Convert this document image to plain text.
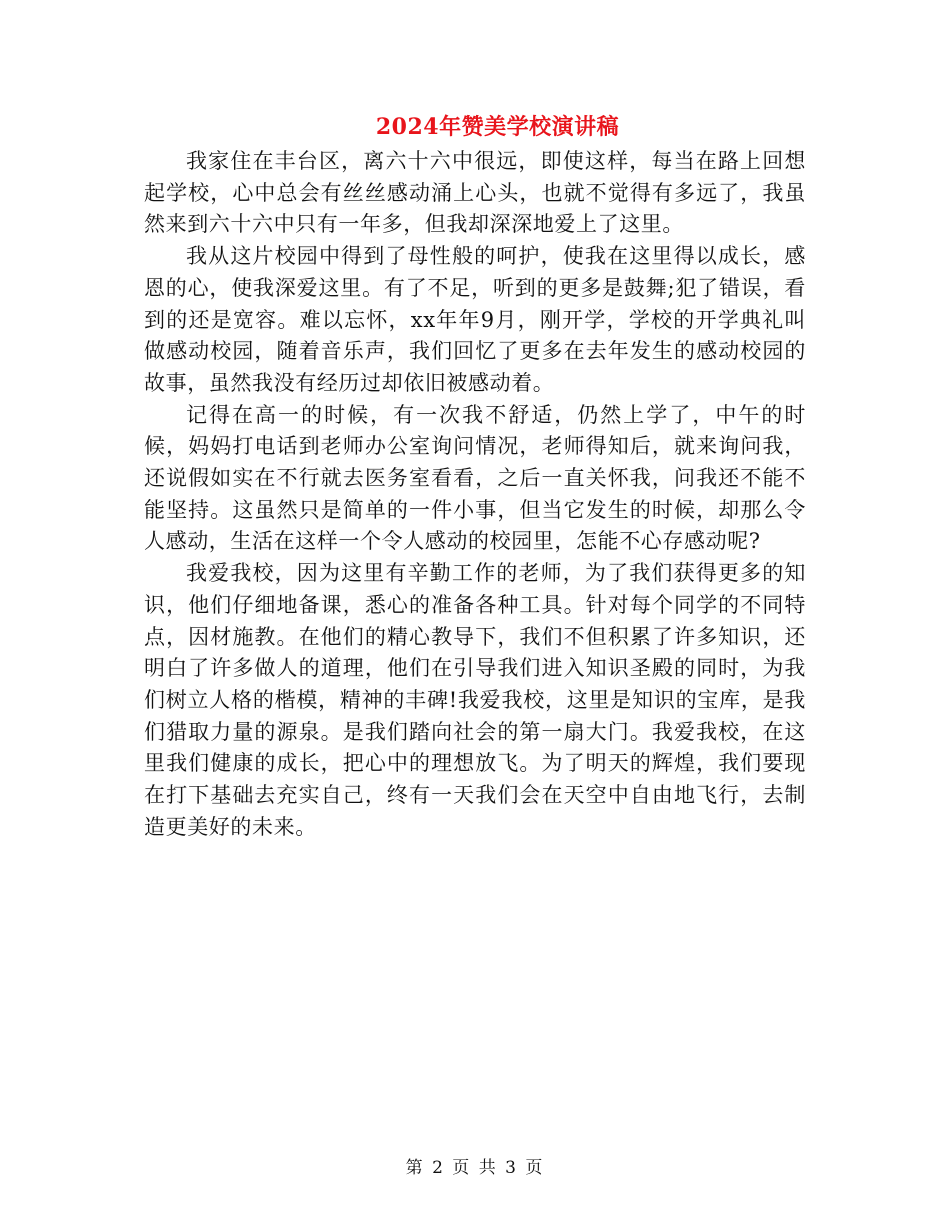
2024年赞美学校演讲稿

我家住在丰台区，离六十六中很远，即使这样，每当在路上回想起学校，心中总会有丝丝感动涌上心头，也就不觉得有多远了，我虽然来到六十六中只有一年多，但我却深深地爱上了这里。

我从这片校园中得到了母性般的呵护，使我在这里得以成长，感恩的心，使我深爱这里。有了不足，听到的更多是鼓舞;犯了错误，看到的还是宽容。难以忘怀，xx年年9月，刚开学，学校的开学典礼叫做感动校园，随着音乐声，我们回忆了更多在去年发生的感动校园的故事，虽然我没有经历过却依旧被感动着。

记得在高一的时候，有一次我不舒适，仍然上学了，中午的时候，妈妈打电话到老师办公室询问情况，老师得知后，就来询问我，还说假如实在不行就去医务室看看，之后一直关怀我，问我还不能不能坚持。这虽然只是简单的一件小事，但当它发生的时候，却那么令人感动，生活在这样一个令人感动的校园里，怎能不心存感动呢?

我爱我校，因为这里有辛勤工作的老师，为了我们获得更多的知识，他们仔细地备课，悉心的准备各种工具。针对每个同学的不同特点，因材施教。在他们的精心教导下，我们不但积累了许多知识，还明白了许多做人的道理，他们在引导我们进入知识圣殿的同时，为我们树立人格的楷模，精神的丰碑!我爱我校，这里是知识的宝库，是我们猎取力量的源泉。是我们踏向社会的第一扇大门。我爱我校，在这里我们健康的成长，把心中的理想放飞。为了明天的辉煌，我们要现在打下基础去充实自己，终有一天我们会在天空中自由地飞行，去制造更美好的未来。

第 2 页 共 3 页
